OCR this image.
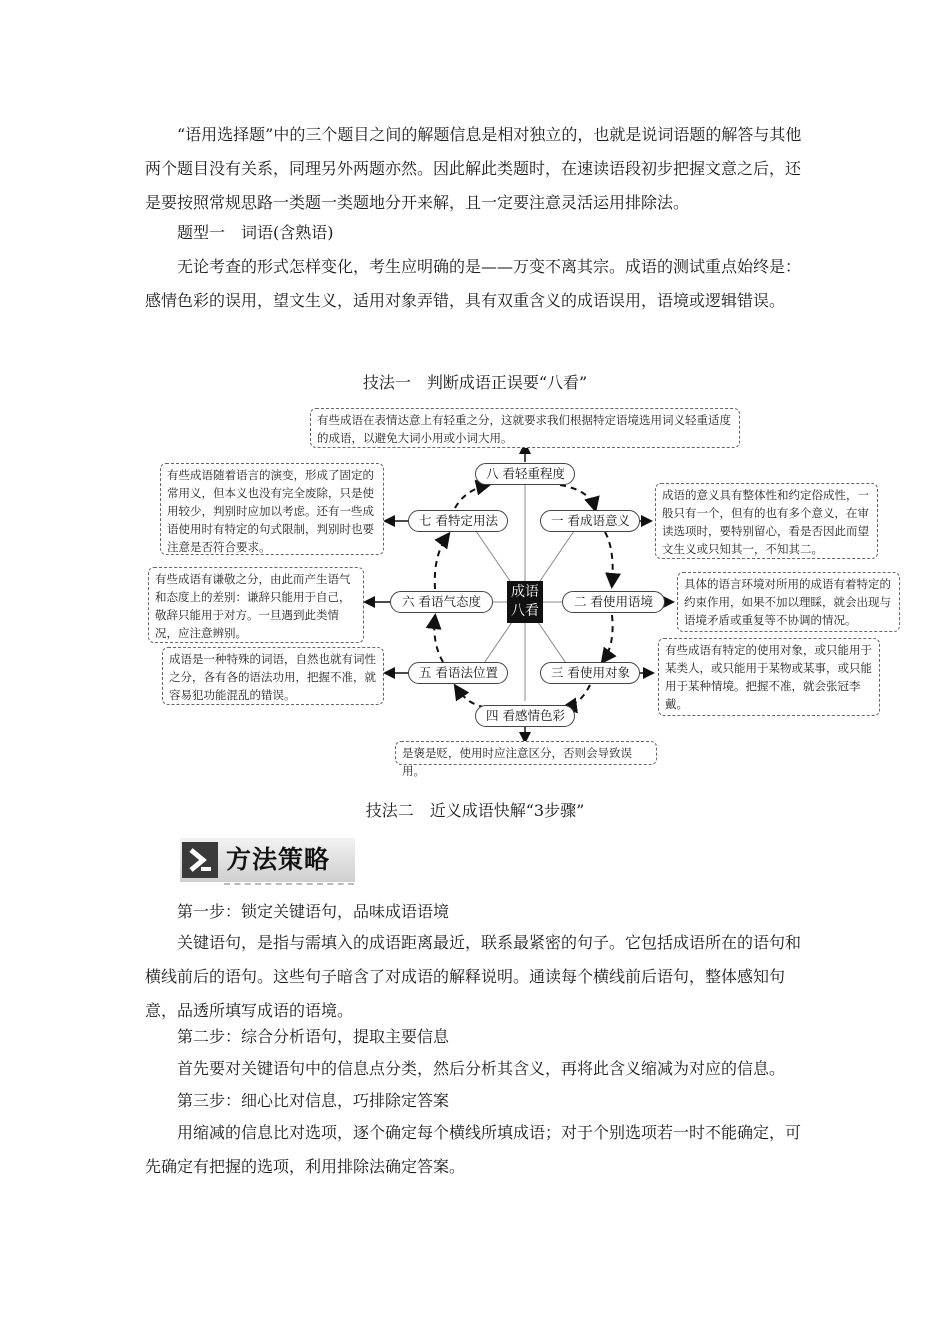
“语用选择题”中的三个题目之间的解题信息是相对独立的，也就是说词语题的解答与其他两个题目没有关系，同理另外两题亦然。因此解此类题时，在速读语段初步把握文意之后，还是要按照常规思路一类题一类题地分开来解，且一定要注意灵活运用排除法。

题型一　词语(含熟语)

无论考查的形式怎样变化，考生应明确的是——万变不离其宗。成语的测试重点始终是：感情色彩的误用，望文生义，适用对象弄错，具有双重含义的成语误用，语境或逻辑错误。

技法一　判断成语正误要“八看”

成语
八看
八 看轻重程度
一 看成语意义
二 看使用语境
三 看使用对象
四 看感情色彩
五 看语法位置
六 看语气态度
七 看特定用法
有些成语在表情达意上有轻重之分，这就要求我们根据特定语境选用词义轻重适度的成语，以避免大词小用或小词大用。
成语的意义具有整体性和约定俗成性，一般只有一个，但有的也有多个意义，在审读选项时，要特别留心，看是否因此而望文生义或只知其一，不知其二。
具体的语言环境对所用的成语有着特定的约束作用，如果不加以理睬，就会出现与语境矛盾或重复等不协调的情况。
有些成语有特定的使用对象，或只能用于某类人，或只能用于某物或某事，或只能用于某种情境。把握不准，就会张冠李戴。
是褒是贬，使用时应注意区分，否则会导致误用。
成语是一种特殊的词语，自然也就有词性之分，各有各的语法功用，把握不准，就容易犯功能混乱的错误。
有些成语有谦敬之分，由此而产生语气和态度上的差别：谦辞只能用于自己，敬辞只能用于对方。一旦遇到此类情况，应注意辨别。
有些成语随着语言的演变，形成了固定的常用义，但本义也没有完全废除，只是使用较少，判别时应加以考虑。还有一些成语使用时有特定的句式限制，判别时也要注意是否符合要求。

技法二　近义成语快解“3步骤”

方法策略

第一步：锁定关键语句，品味成语语境

关键语句，是指与需填入的成语距离最近，联系最紧密的句子。它包括成语所在的语句和横线前后的语句。这些句子暗含了对成语的解释说明。通读每个横线前后语句，整体感知句意，品透所填写成语的语境。

第二步：综合分析语句，提取主要信息

首先要对关键语句中的信息点分类，然后分析其含义，再将此含义缩减为对应的信息。

第三步：细心比对信息，巧排除定答案

用缩减的信息比对选项，逐个确定每个横线所填成语；对于个别选项若一时不能确定，可先确定有把握的选项，利用排除法确定答案。
